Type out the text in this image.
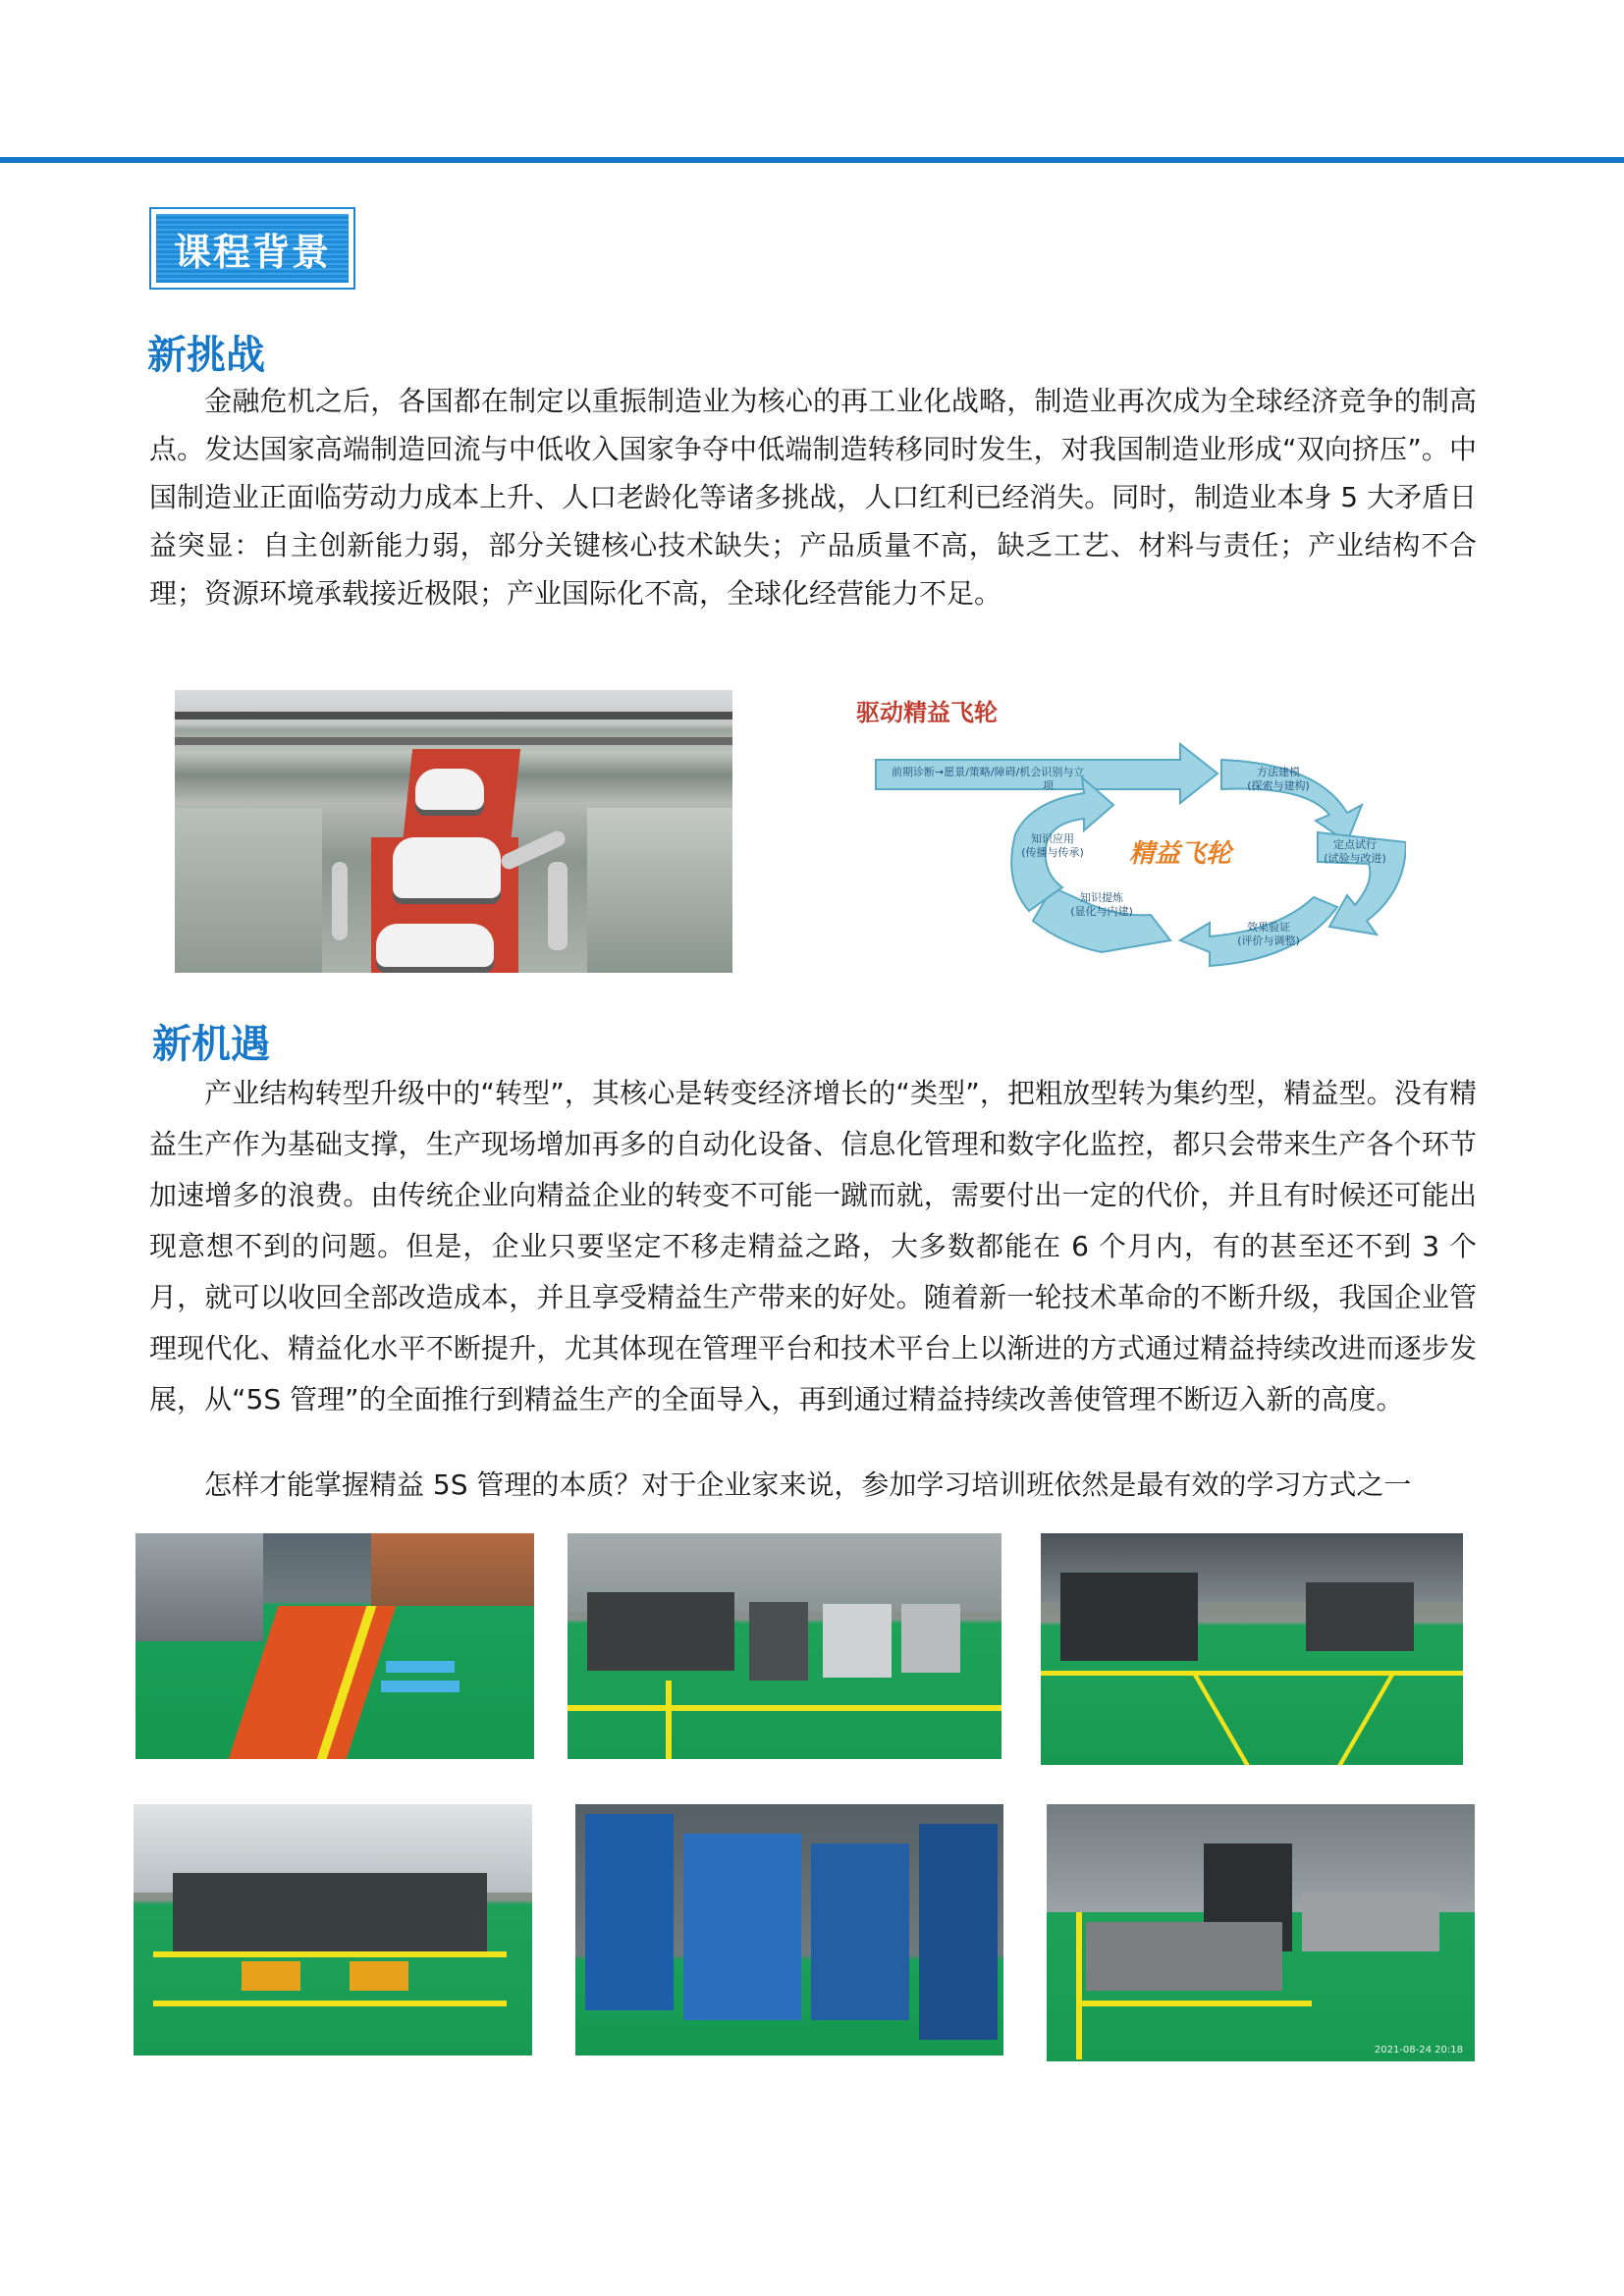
课程背景
新挑战

金融危机之后，各国都在制定以重振制造业为核心的再工业化战略，制造业再次成为全球经济竞争的制高点。发达国家高端制造回流与中低收入国家争夺中低端制造转移同时发生，对我国制造业形成“双向挤压”。中国制造业正面临劳动力成本上升、人口老龄化等诸多挑战，人口红利已经消失。同时，制造业本身 5 大矛盾日益突显：自主创新能力弱，部分关键核心技术缺失；产品质量不高，缺乏工艺、材料与责任；产业结构不合理；资源环境承载接近极限；产业国际化不高，全球化经营能力不足。

驱动精益飞轮
精益飞轮
前期诊断→愿景/策略/障碍/机会识别与立
项
方法建模
(探索与建构)
定点试行
(试验与改进)
效果验证
(评价与调整)
知识提炼
(显化与内建)
知识应用
(传播与传承)
新机遇

产业结构转型升级中的“转型”，其核心是转变经济增长的“类型”，把粗放型转为集约型，精益型。没有精益生产作为基础支撑，生产现场增加再多的自动化设备、信息化管理和数字化监控，都只会带来生产各个环节加速增多的浪费。由传统企业向精益企业的转变不可能一蹴而就，需要付出一定的代价，并且有时候还可能出现意想不到的问题。但是，企业只要坚定不移走精益之路，大多数都能在 6 个月内，有的甚至还不到 3 个月，就可以收回全部改造成本，并且享受精益生产带来的好处。随着新一轮技术革命的不断升级，我国企业管理现代化、精益化水平不断提升，尤其体现在管理平台和技术平台上以渐进的方式通过精益持续改进而逐步发展，从“5S 管理”的全面推行到精益生产的全面导入，再到通过精益持续改善使管理不断迈入新的高度。

怎样才能掌握精益 5S 管理的本质？对于企业家来说，参加学习培训班依然是最有效的学习方式之一

2021-08-24 20:18
